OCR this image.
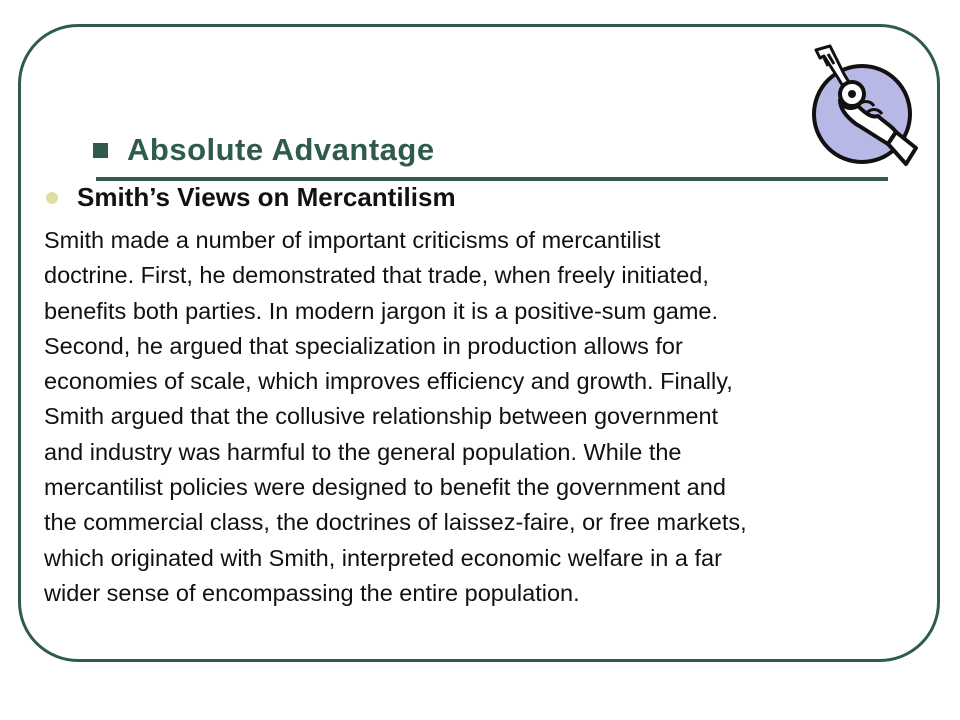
Absolute Advantage
Smith’s Views on Mercantilism

Smith made a number of important criticisms of mercantilist
doctrine. First, he demonstrated that trade, when freely initiated,
benefits both parties. In modern jargon it is a positive-sum game.
Second, he argued that specialization in production allows for
economies of scale, which improves efficiency and growth. Finally,
Smith argued that the collusive relationship between government
and industry was harmful to the general population. While the
mercantilist policies were designed to benefit the government and
the commercial class, the doctrines of laissez-faire, or free markets,
which originated with Smith, interpreted economic welfare in a far
wider sense of encompassing the entire population.
